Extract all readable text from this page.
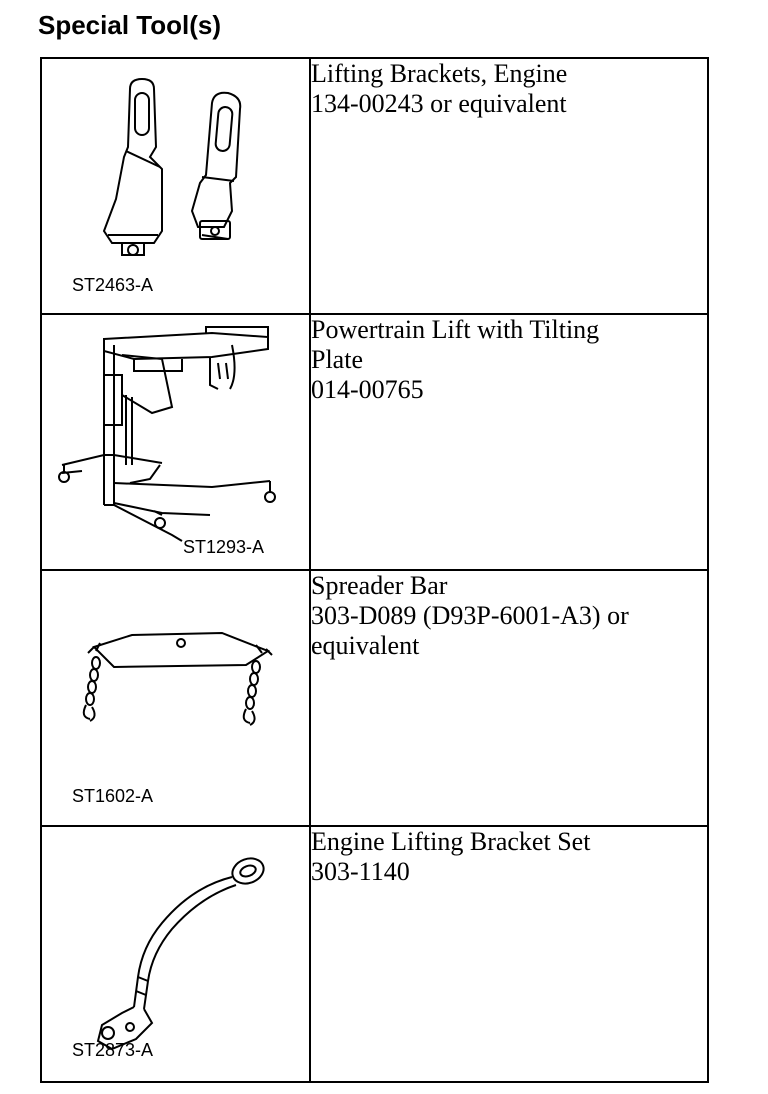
Special Tool(s)
ST2463-A	Lifting Brackets, Engine
134-00243 or equivalent

ST1293-A	Powertrain Lift with Tilting
Plate
014-00765

ST1602-A	Spreader Bar
303-D089 (D93P-6001-A3) or
equivalent

ST2873-A	Engine Lifting Bracket Set
303-1140
